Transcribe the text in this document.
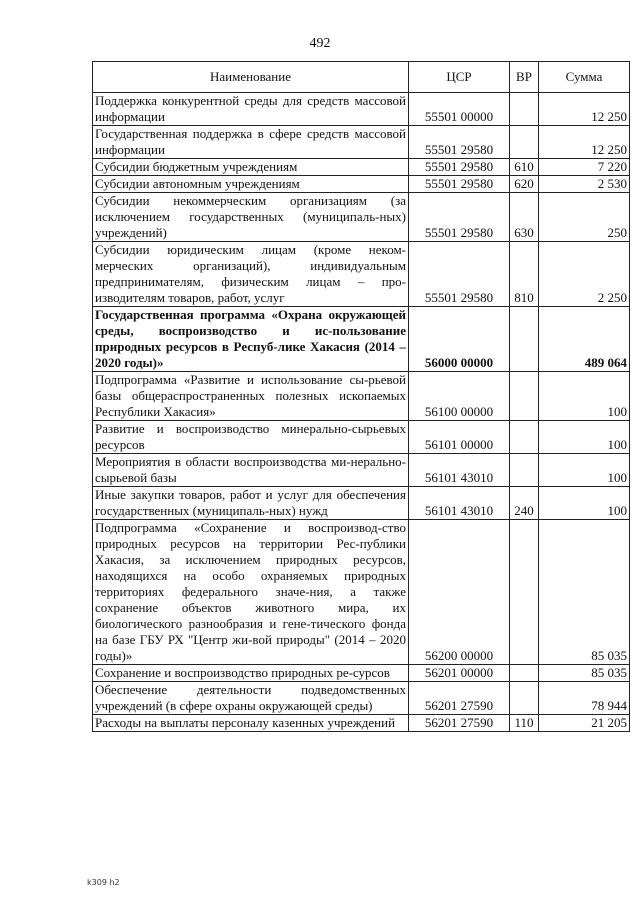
492
Наименование	ЦСР	ВР	Сумма
Поддержка конкурентной среды для средств массовой информации	55501 00000		12 250
Государственная поддержка в сфере средств массовой информации	55501 29580		12 250
Субсидии бюджетным учреждениям	55501 29580	610	7 220
Субсидии автономным учреждениям	55501 29580	620	2 530
Субсидии некоммерческим организациям (за исключением государственных (муниципаль-ных) учреждений)	55501 29580	630	250
Субсидии юридическим лицам (кроме неком-мерческих организаций), индивидуальным предпринимателям, физическим лицам – про-изводителям товаров, работ, услуг	55501 29580	810	2 250
Государственная программа «Охрана окружающей среды, воспроизводство и ис-пользование природных ресурсов в Респуб-лике Хакасия (2014 – 2020 годы)»	56000 00000		489 064
Подпрограмма «Развитие и использование сы-рьевой базы общераспространенных полезных ископаемых Республики Хакасия»	56100 00000		100
Развитие и воспроизводство минерально-сырьевых ресурсов	56101 00000		100
Мероприятия в области воспроизводства ми-нерально-сырьевой базы	56101 43010		100
Иные закупки товаров, работ и услуг для обеспечения государственных (муниципаль-ных) нужд	56101 43010	240	100
Подпрограмма «Сохранение и воспроизвод-ство природных ресурсов на территории Рес-публики Хакасия, за исключением природных ресурсов, находящихся на особо охраняемых природных территориях федерального значе-ния, а также сохранение объектов животного мира, их биологического разнообразия и гене-тического фонда на базе ГБУ РХ "Центр жи-вой природы" (2014 – 2020 годы)»	56200 00000		85 035
Сохранение и воспроизводство природных ре-сурсов	56201 00000		85 035
Обеспечение деятельности подведомственных учреждений (в сфере охраны окружающей среды)	56201 27590		78 944
Расходы на выплаты персоналу казенных учреждений	56201 27590	110	21 205
k309 h2
